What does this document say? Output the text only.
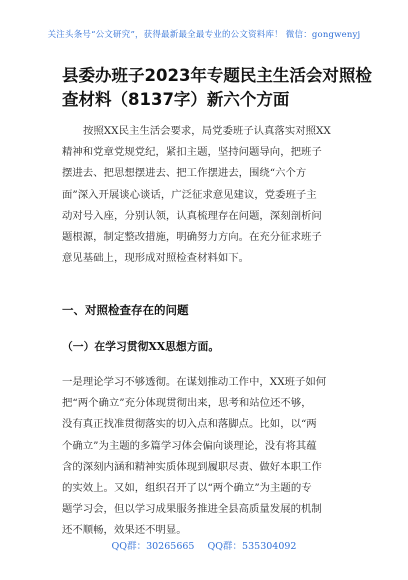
关注头条号“公文研究”，获得最新最全最专业的公文资料库！ 微信：gongwenyj
县委办班子2023年专题民主生活会对照检
查材料（8137字）新六个方面
按照XX民主生活会要求，局党委班子认真落实对照XX
精神和党章党规党纪，紧扣主题，坚持问题导向，把班子
摆进去、把思想摆进去、把工作摆进去，围绕“六个方
面”深入开展谈心谈话，广泛征求意见建议，党委班子主
动对号入座，分别认领，认真梳理存在问题，深刻剖析问
题根源，制定整改措施，明确努力方向。在充分征求班子
意见基础上，现形成对照检查材料如下。
一、对照检查存在的问题
（一）在学习贯彻XX思想方面。
一是理论学习不够透彻。在谋划推动工作中，XX班子如何
把“两个确立”充分体现贯彻出来，思考和站位还不够，
没有真正找准贯彻落实的切入点和落脚点。比如，以“两
个确立”为主题的多篇学习体会偏向谈理论，没有将其蕴
含的深刻内涵和精神实质体现到履职尽责、做好本职工作
的实效上。又如，组织召开了以“两个确立”为主题的专
题学习会，但以学习成果服务推进全县高质量发展的机制
还不顺畅，效果还不明显。
QQ群：30265665 QQ群：535304092
